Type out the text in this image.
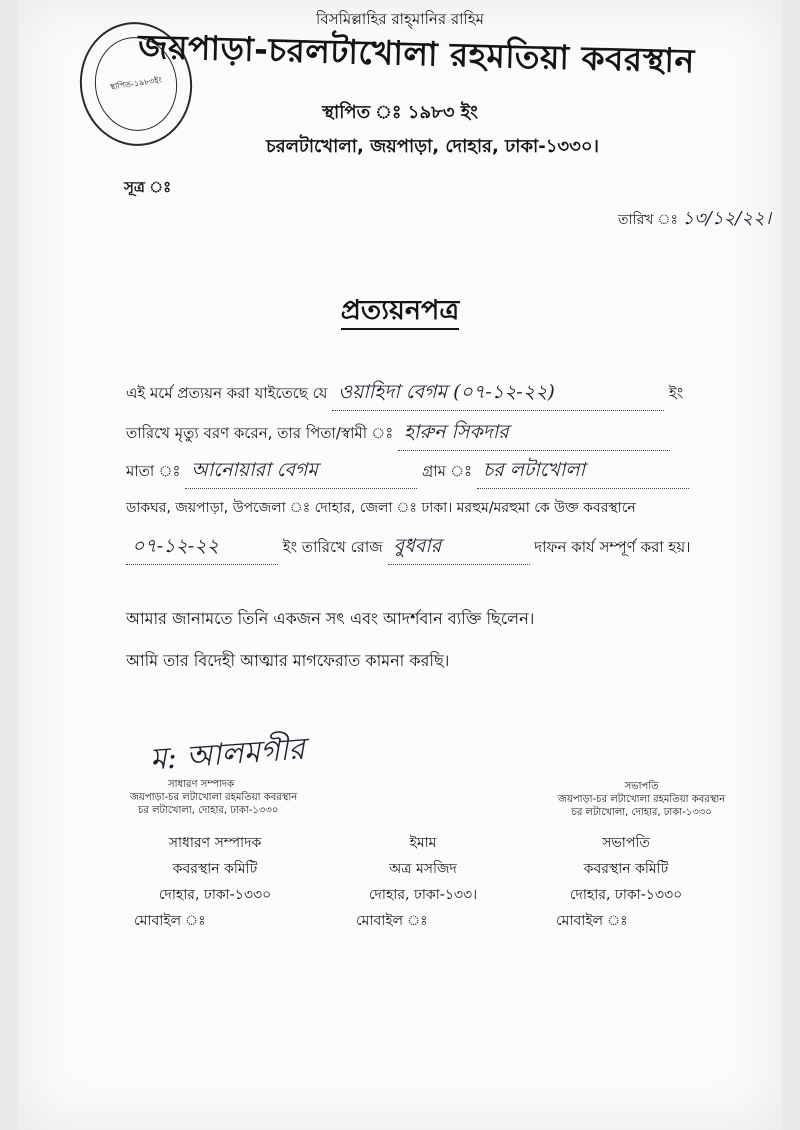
স্থাপিত-১৯৮৩ইং
বিসমিল্লাহির রাহ্‌মানির রাহিম
জয়পাড়া-চরলটাখোলা রহমতিয়া কবরস্থান
স্থাপিত ঃ ১৯৮৩ ইং
চরলটাখোলা, জয়পাড়া, দোহার, ঢাকা-১৩৩০।
সূত্র ঃ
তারিখ ঃ ১৩/১২/২২।
প্রত্যয়নপত্র
এই মর্মে প্রত্যয়ন করা যাইতেছে যে ওয়াহিদা বেগম (০৭-১২-২২)	ইং
তারিখে মৃত্যু বরণ করেন, তার পিতা/স্বামী ঃ হারুন সিকদার
মাতা ঃ আনোয়ারা বেগম	গ্রাম ঃ চর লটাখোলা
ডাকঘর, জয়পাড়া, উপজেলা ঃ দোহার, জেলা ঃ ঢাকা। মরহুম/মরহুমা কে উক্ত কবরস্থানে
০৭-১২-২২	ইং তারিখে রোজ বুধবার	দাফন কার্য সম্পূর্ণ করা হয়।
আমার জানামতে তিনি একজন সৎ এবং আদর্শবান ব্যক্তি ছিলেন।
আমি তার বিদেহী আত্মার মাগফেরাত কামনা করছি।
ম: আলমগীর
সাধারণ সম্পাদক
জয়পাড়া-চর লটাখোলা রহমতিয়া কবরস্থান
চর লটাখোলা, দোহার, ঢাকা-১৩৩০
সভাপতি
জয়পাড়া-চর লটাখোলা রহমতিয়া কবরস্থান
চর লটাখোলা, দোহার, ঢাকা-১৩৩০
সাধারণ সম্পাদক
কবরস্থান কমিটি
দোহার, ঢাকা-১৩৩০
মোবাইল ঃ
ইমাম
অত্র মসজিদ
দোহার, ঢাকা-১৩৩।
মোবাইল ঃ
সভাপতি
কবরস্থান কমিটি
দোহার, ঢাকা-১৩৩০
মোবাইল ঃ
